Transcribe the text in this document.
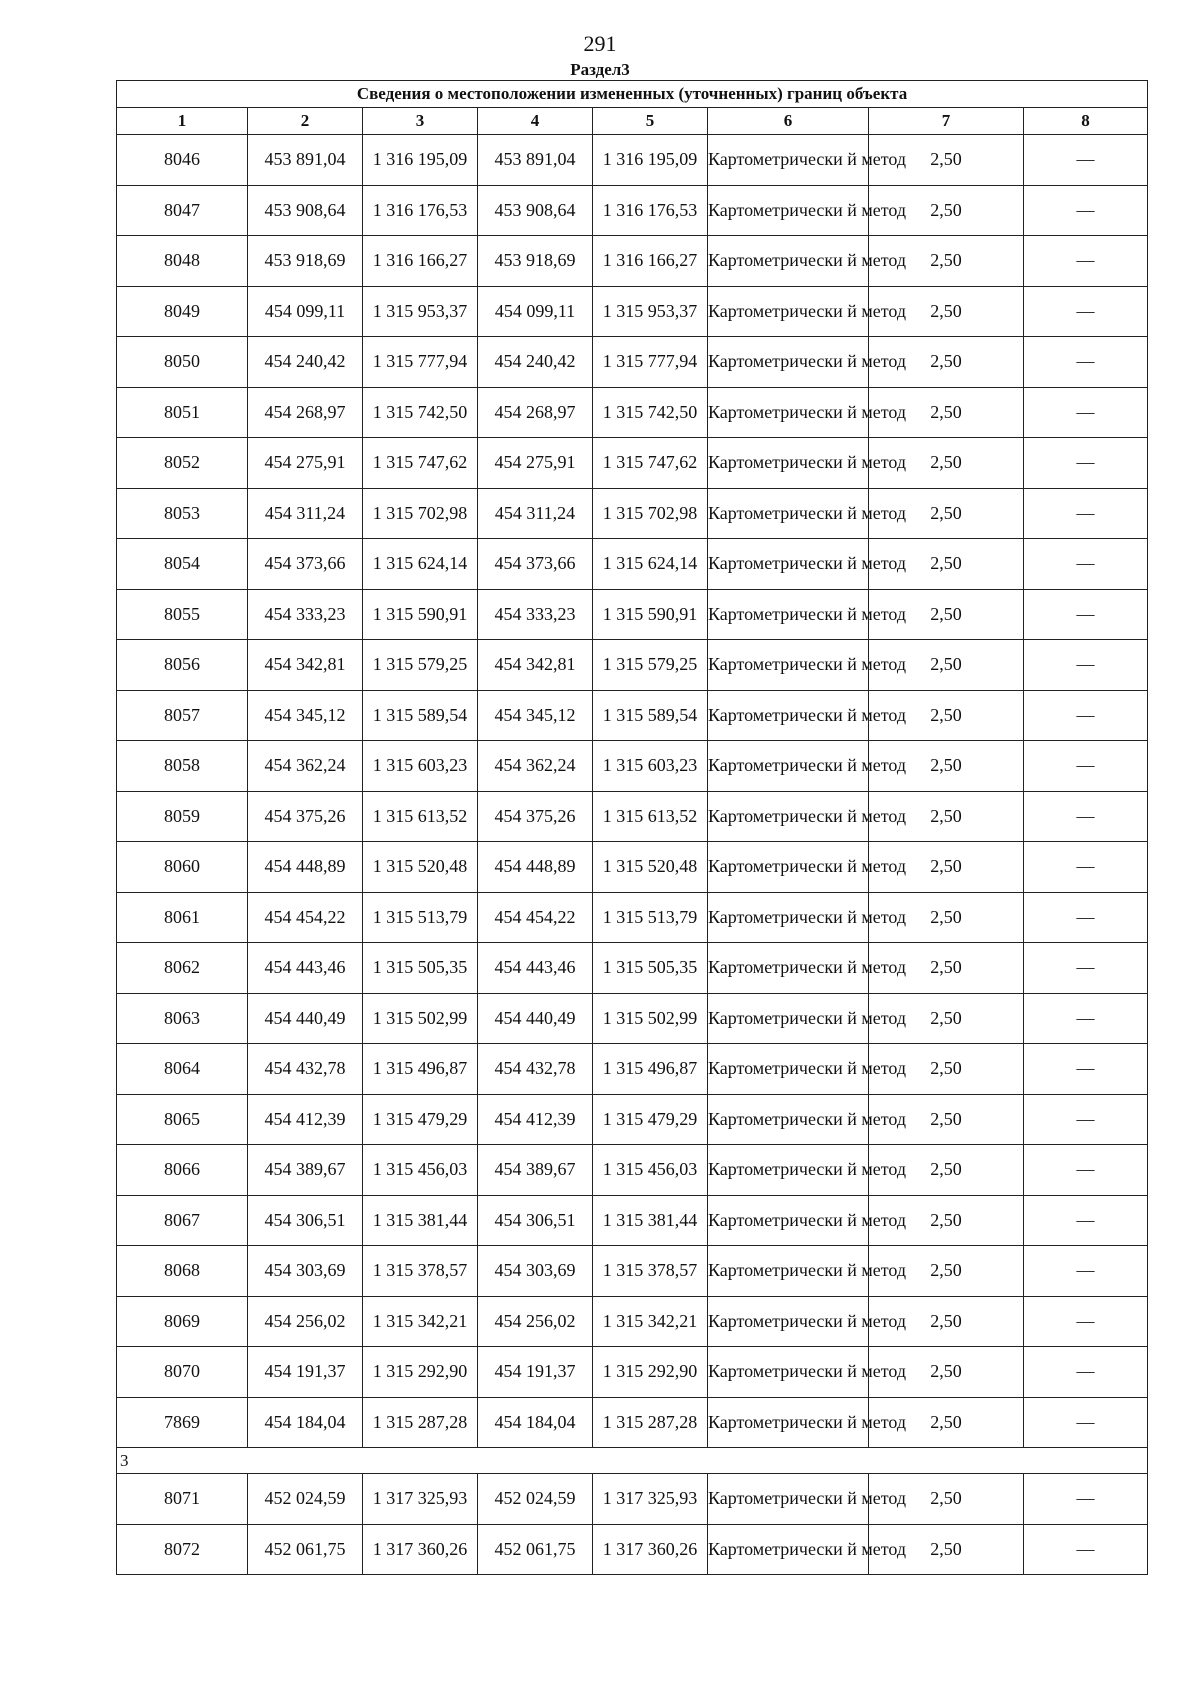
291
Раздел3
Сведения о местоположении измененных (уточненных) границ объекта							
1	2	3	4	5	6	7	8
8046	453 891,04	1 316 195,09	453 891,04	1 316 195,09	Картометрически й метод	2,50	—
8047	453 908,64	1 316 176,53	453 908,64	1 316 176,53	Картометрически й метод	2,50	—
8048	453 918,69	1 316 166,27	453 918,69	1 316 166,27	Картометрически й метод	2,50	—
8049	454 099,11	1 315 953,37	454 099,11	1 315 953,37	Картометрически й метод	2,50	—
8050	454 240,42	1 315 777,94	454 240,42	1 315 777,94	Картометрически й метод	2,50	—
8051	454 268,97	1 315 742,50	454 268,97	1 315 742,50	Картометрически й метод	2,50	—
8052	454 275,91	1 315 747,62	454 275,91	1 315 747,62	Картометрически й метод	2,50	—
8053	454 311,24	1 315 702,98	454 311,24	1 315 702,98	Картометрически й метод	2,50	—
8054	454 373,66	1 315 624,14	454 373,66	1 315 624,14	Картометрически й метод	2,50	—
8055	454 333,23	1 315 590,91	454 333,23	1 315 590,91	Картометрически й метод	2,50	—
8056	454 342,81	1 315 579,25	454 342,81	1 315 579,25	Картометрически й метод	2,50	—
8057	454 345,12	1 315 589,54	454 345,12	1 315 589,54	Картометрически й метод	2,50	—
8058	454 362,24	1 315 603,23	454 362,24	1 315 603,23	Картометрически й метод	2,50	—
8059	454 375,26	1 315 613,52	454 375,26	1 315 613,52	Картометрически й метод	2,50	—
8060	454 448,89	1 315 520,48	454 448,89	1 315 520,48	Картометрически й метод	2,50	—
8061	454 454,22	1 315 513,79	454 454,22	1 315 513,79	Картометрически й метод	2,50	—
8062	454 443,46	1 315 505,35	454 443,46	1 315 505,35	Картометрически й метод	2,50	—
8063	454 440,49	1 315 502,99	454 440,49	1 315 502,99	Картометрически й метод	2,50	—
8064	454 432,78	1 315 496,87	454 432,78	1 315 496,87	Картометрически й метод	2,50	—
8065	454 412,39	1 315 479,29	454 412,39	1 315 479,29	Картометрически й метод	2,50	—
8066	454 389,67	1 315 456,03	454 389,67	1 315 456,03	Картометрически й метод	2,50	—
8067	454 306,51	1 315 381,44	454 306,51	1 315 381,44	Картометрически й метод	2,50	—
8068	454 303,69	1 315 378,57	454 303,69	1 315 378,57	Картометрически й метод	2,50	—
8069	454 256,02	1 315 342,21	454 256,02	1 315 342,21	Картометрически й метод	2,50	—
8070	454 191,37	1 315 292,90	454 191,37	1 315 292,90	Картометрически й метод	2,50	—
7869	454 184,04	1 315 287,28	454 184,04	1 315 287,28	Картометрически й метод	2,50	—
3							
8071	452 024,59	1 317 325,93	452 024,59	1 317 325,93	Картометрически й метод	2,50	—
8072	452 061,75	1 317 360,26	452 061,75	1 317 360,26	Картометрически й метод	2,50	—
